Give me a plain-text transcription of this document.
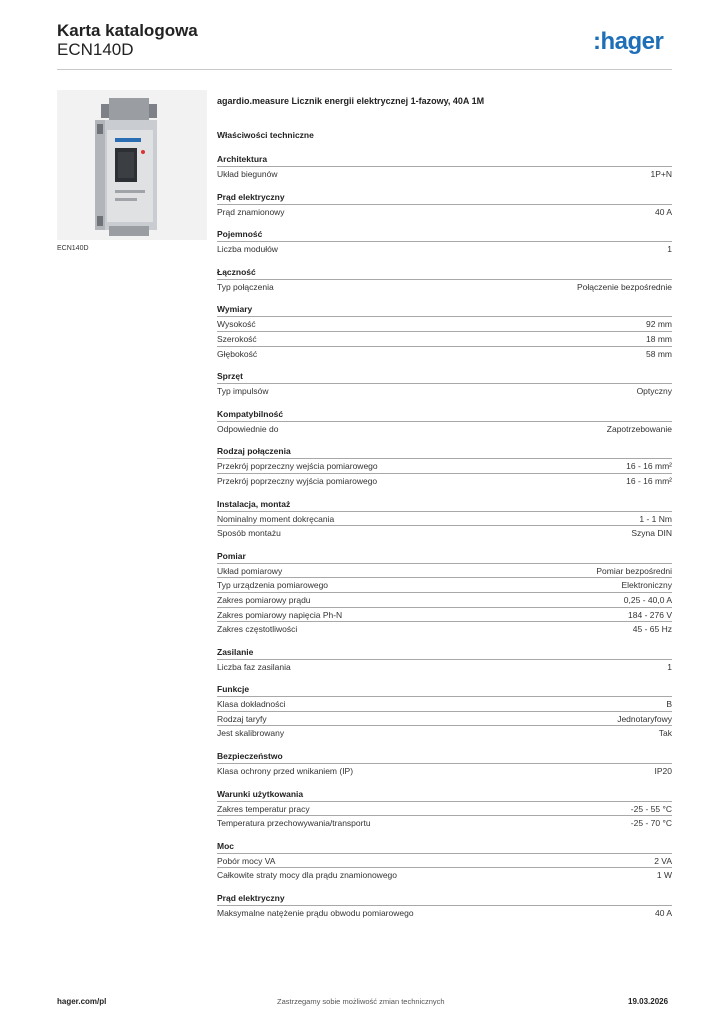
Karta katalogowa
ECN140D	:hager
ECN140D
agardio.measure Licznik energii elektrycznej 1-fazowy, 40A 1M
Właściwości techniczne
Architektura
Układ biegunów	1P+N
Prąd elektryczny
Prąd znamionowy	40 A
Pojemność
Liczba modułów	1
Łączność
Typ połączenia	Połączenie bezpośrednie
Wymiary
Wysokość	92 mm
Szerokość	18 mm
Głębokość	58 mm
Sprzęt
Typ impulsów	Optyczny
Kompatybilność
Odpowiednie do	Zapotrzebowanie
Rodzaj połączenia
Przekrój poprzeczny wejścia pomiarowego	16 - 16 mm²
Przekrój poprzeczny wyjścia pomiarowego	16 - 16 mm²
Instalacja, montaż
Nominalny moment dokręcania	1 - 1 Nm
Sposób montażu	Szyna DIN
Pomiar
Układ pomiarowy	Pomiar bezpośredni
Typ urządzenia pomiarowego	Elektroniczny
Zakres pomiarowy prądu	0,25 - 40,0 A
Zakres pomiarowy napięcia Ph-N	184 - 276 V
Zakres częstotliwości	45 - 65 Hz
Zasilanie
Liczba faz zasilania	1
Funkcje
Klasa dokładności	B
Rodzaj taryfy	Jednotaryfowy
Jest skalibrowany	Tak
Bezpieczeństwo
Klasa ochrony przed wnikaniem (IP)	IP20
Warunki użytkowania
Zakres temperatur pracy	-25 - 55 °C
Temperatura przechowywania/transportu	-25 - 70 °C
Moc
Pobór mocy VA	2 VA
Całkowite straty mocy dla prądu znamionowego	1 W
Prąd elektryczny
Maksymalne natężenie prądu obwodu pomiarowego	40 A
hager.com/pl	Zastrzegamy sobie możliwość zmian technicznych	19.03.2026
